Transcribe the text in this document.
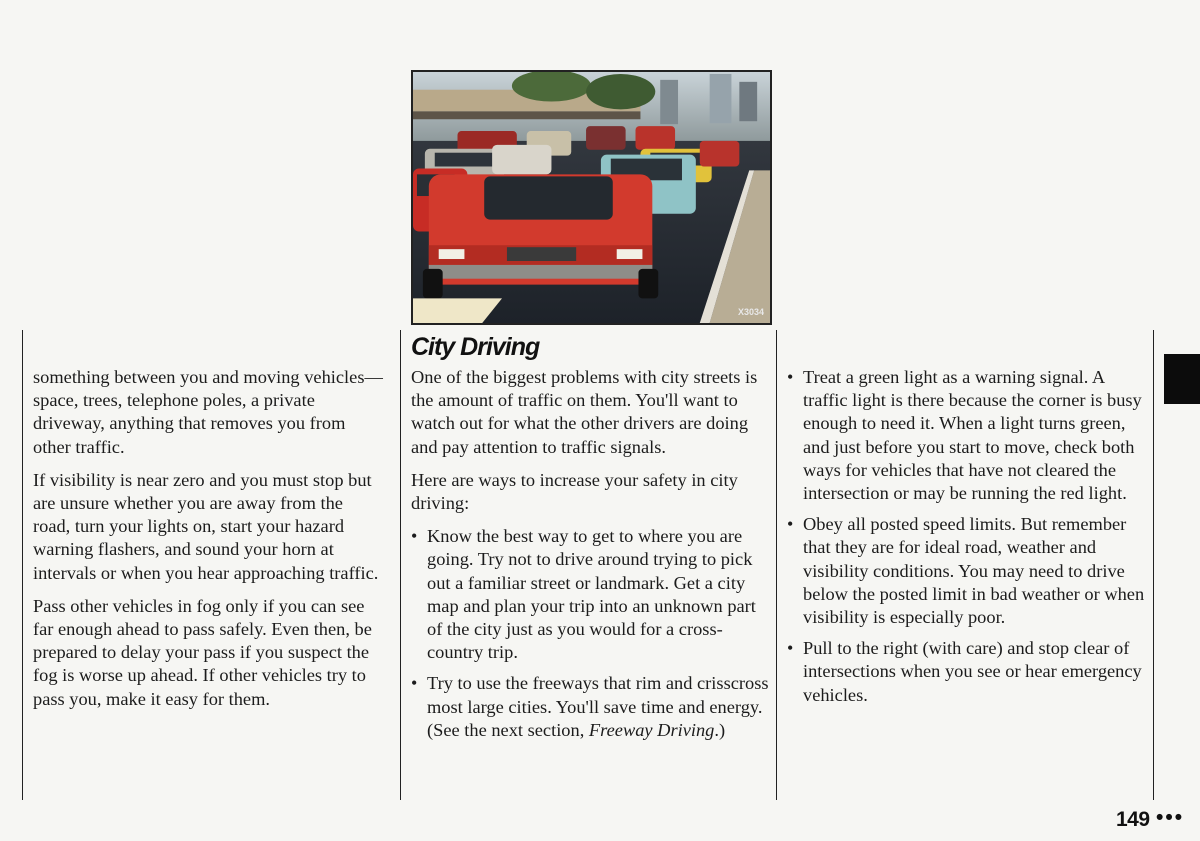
X3034

something between you and moving vehicles—space, trees, telephone poles, a private driveway, anything that removes you from other traffic.

If visibility is near zero and you must stop but are unsure whether you are away from the road, turn your lights on, start your hazard warning flashers, and sound your horn at intervals or when you hear approaching traffic.

Pass other vehicles in fog only if you can see far enough ahead to pass safely. Even then, be prepared to delay your pass if you suspect the fog is worse up ahead. If other vehicles try to pass you, make it easy for them.

City Driving

One of the biggest problems with city streets is the amount of traffic on them. You'll want to watch out for what the other drivers are doing and pay attention to traffic signals.

Here are ways to increase your safety in city driving:

• Know the best way to get to where you are going. Try not to drive around trying to pick out a familiar street or landmark. Get a city map and plan your trip into an unknown part of the city just as you would for a cross-country trip.
• Try to use the freeways that rim and crisscross most large cities. You'll save time and energy. (See the next section, Freeway Driving.)
• Treat a green light as a warning signal. A traffic light is there because the corner is busy enough to need it. When a light turns green, and just before you start to move, check both ways for vehicles that have not cleared the intersection or may be running the red light.
• Obey all posted speed limits. But remember that they are for ideal road, weather and visibility conditions. You may need to drive below the posted limit in bad weather or when visibility is especially poor.
• Pull to the right (with care) and stop clear of intersections when you see or hear emergency vehicles.
149 •••
